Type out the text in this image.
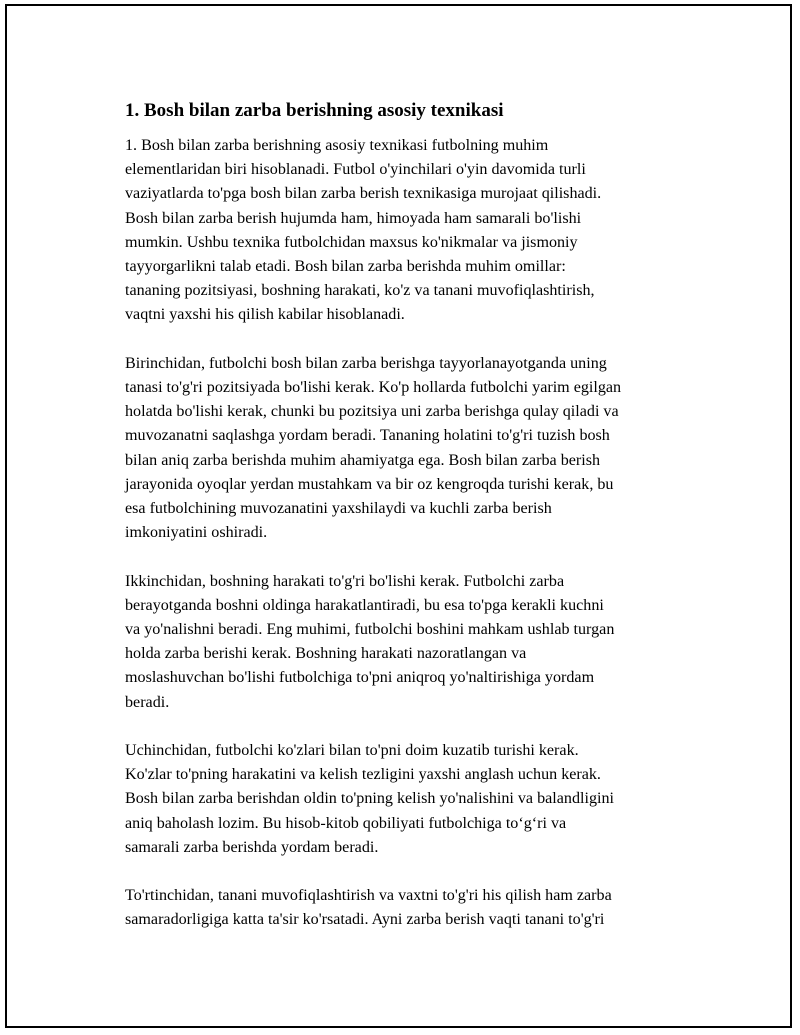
1. Bosh bilan zarba berishning asosiy texnikasi

1. Bosh bilan zarba berishning asosiy texnikasi futbolning muhim
elementlaridan biri hisoblanadi. Futbol o'yinchilari o'yin davomida turli
vaziyatlarda to'pga bosh bilan zarba berish texnikasiga murojaat qilishadi.
Bosh bilan zarba berish hujumda ham, himoyada ham samarali bo'lishi
mumkin. Ushbu texnika futbolchidan maxsus ko'nikmalar va jismoniy
tayyorgarlikni talab etadi. Bosh bilan zarba berishda muhim omillar:
tananing pozitsiyasi, boshning harakati, ko'z va tanani muvofiqlashtirish,
vaqtni yaxshi his qilish kabilar hisoblanadi.

Birinchidan, futbolchi bosh bilan zarba berishga tayyorlanayotganda uning
tanasi to'g'ri pozitsiyada bo'lishi kerak. Ko'p hollarda futbolchi yarim egilgan
holatda bo'lishi kerak, chunki bu pozitsiya uni zarba berishga qulay qiladi va
muvozanatni saqlashga yordam beradi. Tananing holatini to'g'ri tuzish bosh
bilan aniq zarba berishda muhim ahamiyatga ega. Bosh bilan zarba berish
jarayonida oyoqlar yerdan mustahkam va bir oz kengroqda turishi kerak, bu
esa futbolchining muvozanatini yaxshilaydi va kuchli zarba berish
imkoniyatini oshiradi.

Ikkinchidan, boshning harakati to'g'ri bo'lishi kerak. Futbolchi zarba
berayotganda boshni oldinga harakatlantiradi, bu esa to'pga kerakli kuchni
va yo'nalishni beradi. Eng muhimi, futbolchi boshini mahkam ushlab turgan
holda zarba berishi kerak. Boshning harakati nazoratlangan va
moslashuvchan bo'lishi futbolchiga to'pni aniqroq yo'naltirishiga yordam
beradi.

Uchinchidan, futbolchi ko'zlari bilan to'pni doim kuzatib turishi kerak.
Ko'zlar to'pning harakatini va kelish tezligini yaxshi anglash uchun kerak.
Bosh bilan zarba berishdan oldin to'pning kelish yo'nalishini va balandligini
aniq baholash lozim. Bu hisob-kitob qobiliyati futbolchiga to‘g‘ri va
samarali zarba berishda yordam beradi.

To'rtinchidan, tanani muvofiqlashtirish va vaxtni to'g'ri his qilish ham zarba
samaradorligiga katta ta'sir ko'rsatadi. Ayni zarba berish vaqti tanani to'g'ri
